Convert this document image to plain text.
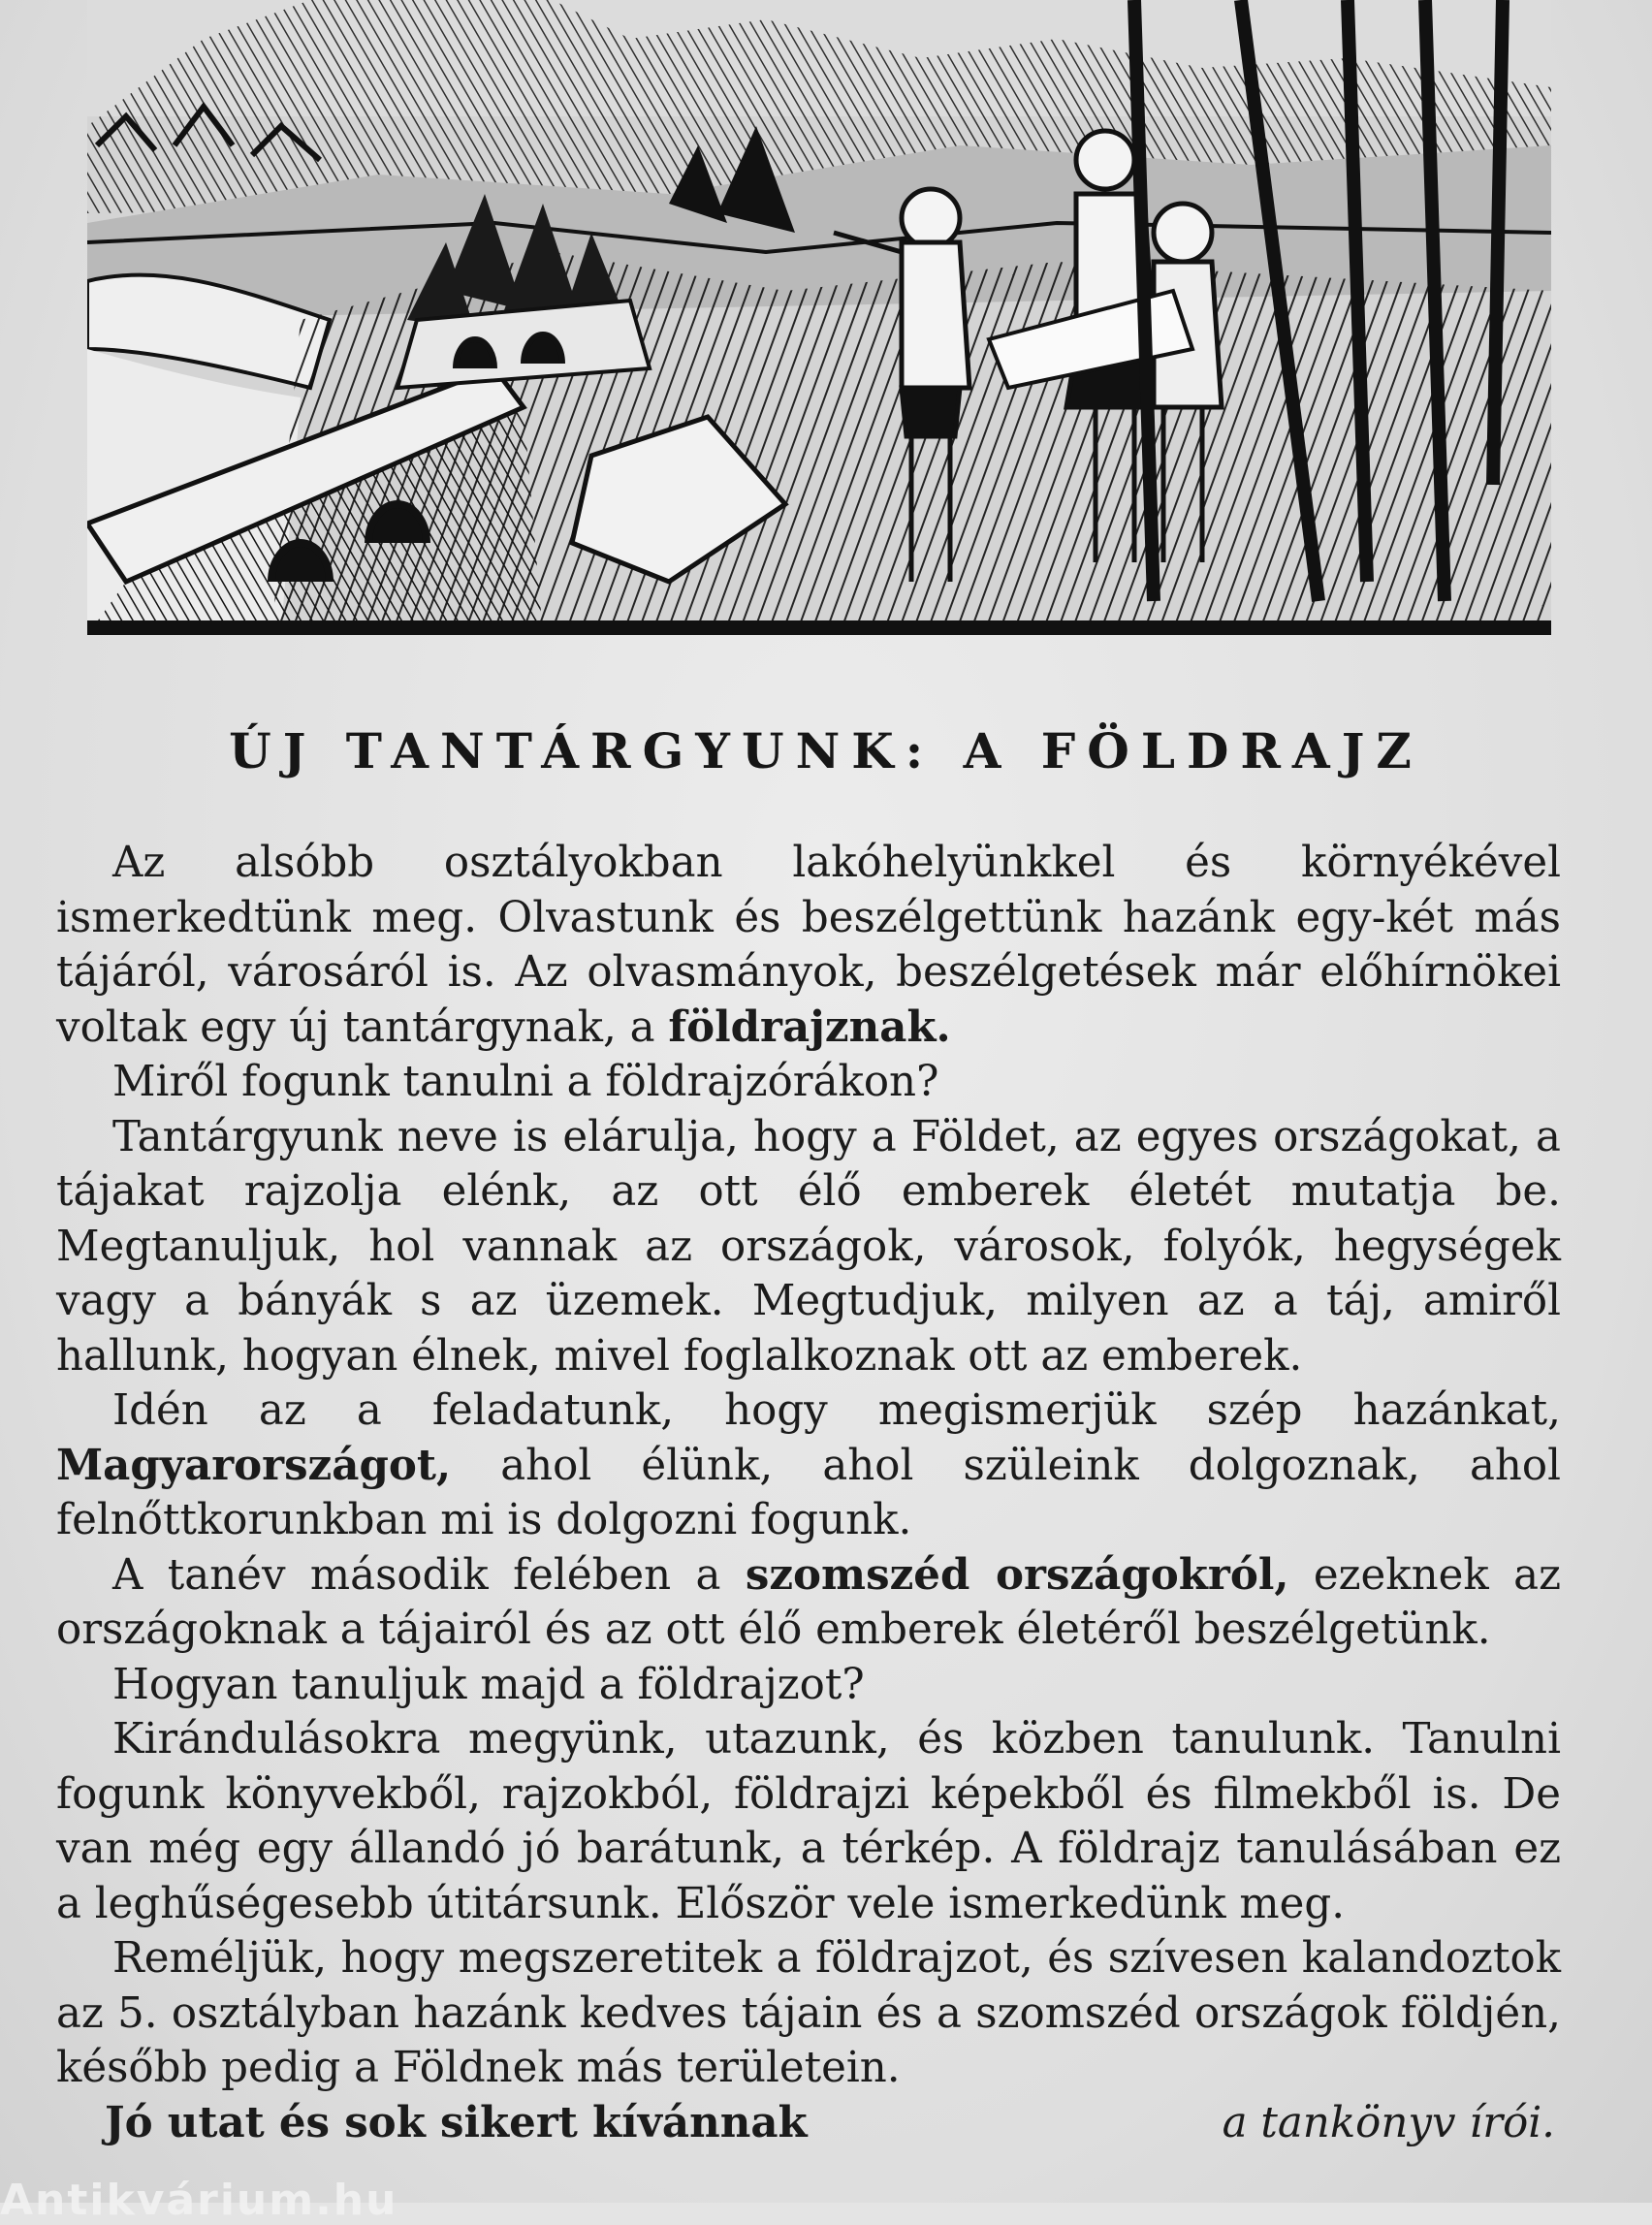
ÚJ TANTÁRGYUNK: A FÖLDRAJZ

Az alsóbb osztályokban lakóhelyünkkel és környékével ismerkedtünk meg. Olvastunk és beszélgettünk hazánk egy-két más tájáról, városáról is. Az olvasmányok, beszélgetések már előhírnökei voltak egy új tantárgynak, a földrajznak.

Miről fogunk tanulni a földrajzórákon?

Tantárgyunk neve is elárulja, hogy a Földet, az egyes országokat, a tájakat rajzolja elénk, az ott élő emberek életét mutatja be. Megtanuljuk, hol vannak az országok, városok, folyók, hegységek vagy a bányák s az üzemek. Megtudjuk, milyen az a táj, amiről hallunk, hogyan élnek, mivel foglalkoznak ott az emberek.

Idén az a feladatunk, hogy megismerjük szép hazánkat, Magyarországot, ahol élünk, ahol szüleink dolgoznak, ahol felnőttkorunkban mi is dolgozni fogunk.

A tanév második felében a szomszéd országokról, ezeknek az országoknak a tájairól és az ott élő emberek életéről beszélgetünk.

Hogyan tanuljuk majd a földrajzot?

Kirándulásokra megyünk, utazunk, és közben tanulunk. Tanulni fogunk könyvekből, rajzokból, földrajzi képekből és filmekből is. De van még egy állandó jó barátunk, a térkép. A földrajz tanulásában ez a leghűségesebb útitársunk. Először vele ismerkedünk meg.

Reméljük, hogy megszeretitek a földrajzot, és szívesen kalandoztok az 5. osztályban hazánk kedves tájain és a szomszéd országok földjén, később pedig a Földnek más területein.

Jó utat és sok sikert kívánnak	a tankönyv írói.
Antikvárium.hu
